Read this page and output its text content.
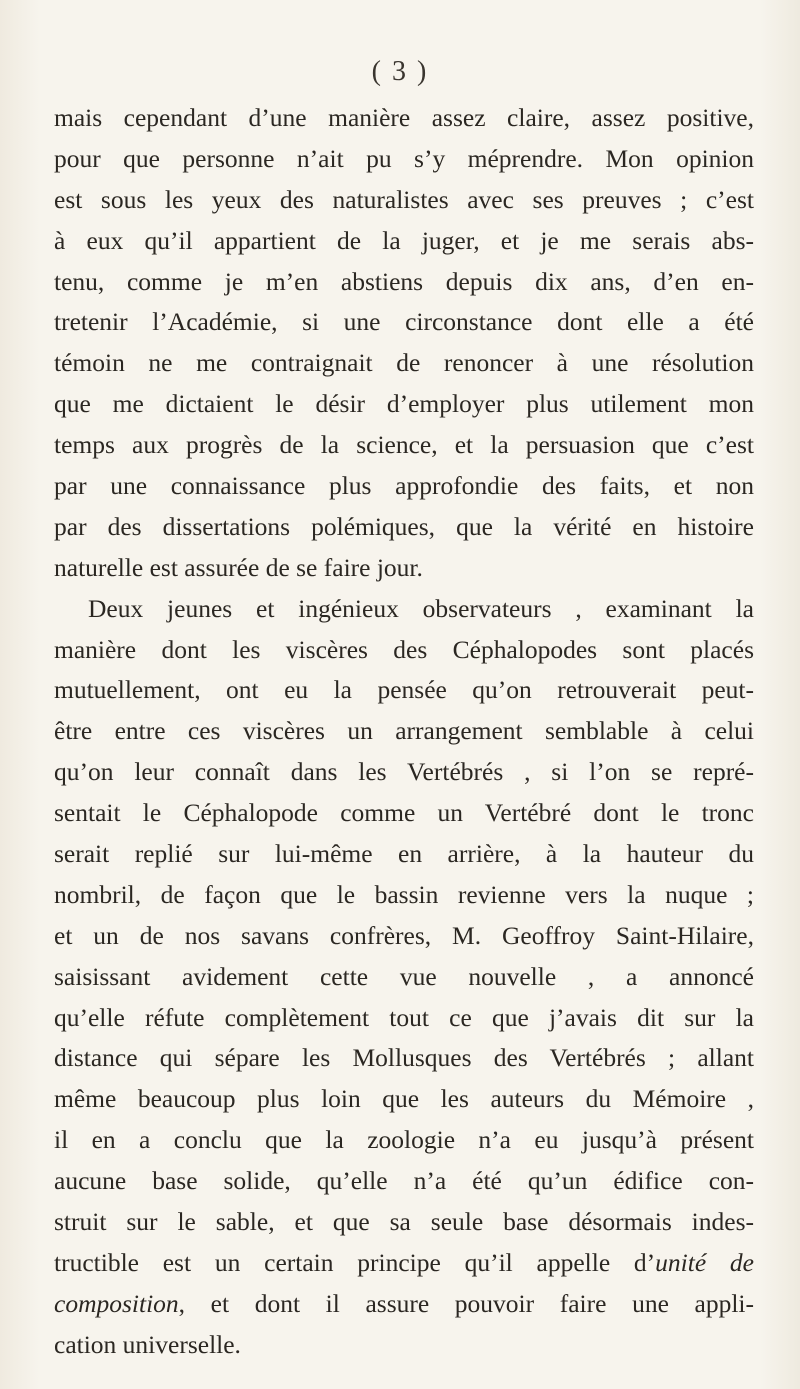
( 3 )
mais cependant d’une manière assez claire, assez positive,
pour que personne n’ait pu s’y méprendre. Mon opinion
est sous les yeux des naturalistes avec ses preuves ; c’est
à eux qu’il appartient de la juger, et je me serais abs-
tenu, comme je m’en abstiens depuis dix ans, d’en en-
tretenir l’Académie, si une circonstance dont elle a été
témoin ne me contraignait de renoncer à une résolution
que me dictaient le désir d’employer plus utilement mon
temps aux progrès de la science, et la persuasion que c’est
par une connaissance plus approfondie des faits, et non
par des dissertations polémiques, que la vérité en histoire
naturelle est assurée de se faire jour.
Deux jeunes et ingénieux observateurs , examinant la
manière dont les viscères des Céphalopodes sont placés
mutuellement, ont eu la pensée qu’on retrouverait peut-
être entre ces viscères un arrangement semblable à celui
qu’on leur connaît dans les Vertébrés , si l’on se repré-
sentait le Céphalopode comme un Vertébré dont le tronc
serait replié sur lui-même en arrière, à la hauteur du
nombril, de façon que le bassin revienne vers la nuque ;
et un de nos savans confrères, M. Geoffroy Saint-Hilaire,
saisissant avidement cette vue nouvelle , a annoncé
qu’elle réfute complètement tout ce que j’avais dit sur la
distance qui sépare les Mollusques des Vertébrés ; allant
même beaucoup plus loin que les auteurs du Mémoire ,
il en a conclu que la zoologie n’a eu jusqu’à présent
aucune base solide, qu’elle n’a été qu’un édifice con-
struit sur le sable, et que sa seule base désormais indes-
tructible est un certain principe qu’il appelle d’unité de
composition, et dont il assure pouvoir faire une appli-
cation universelle.
